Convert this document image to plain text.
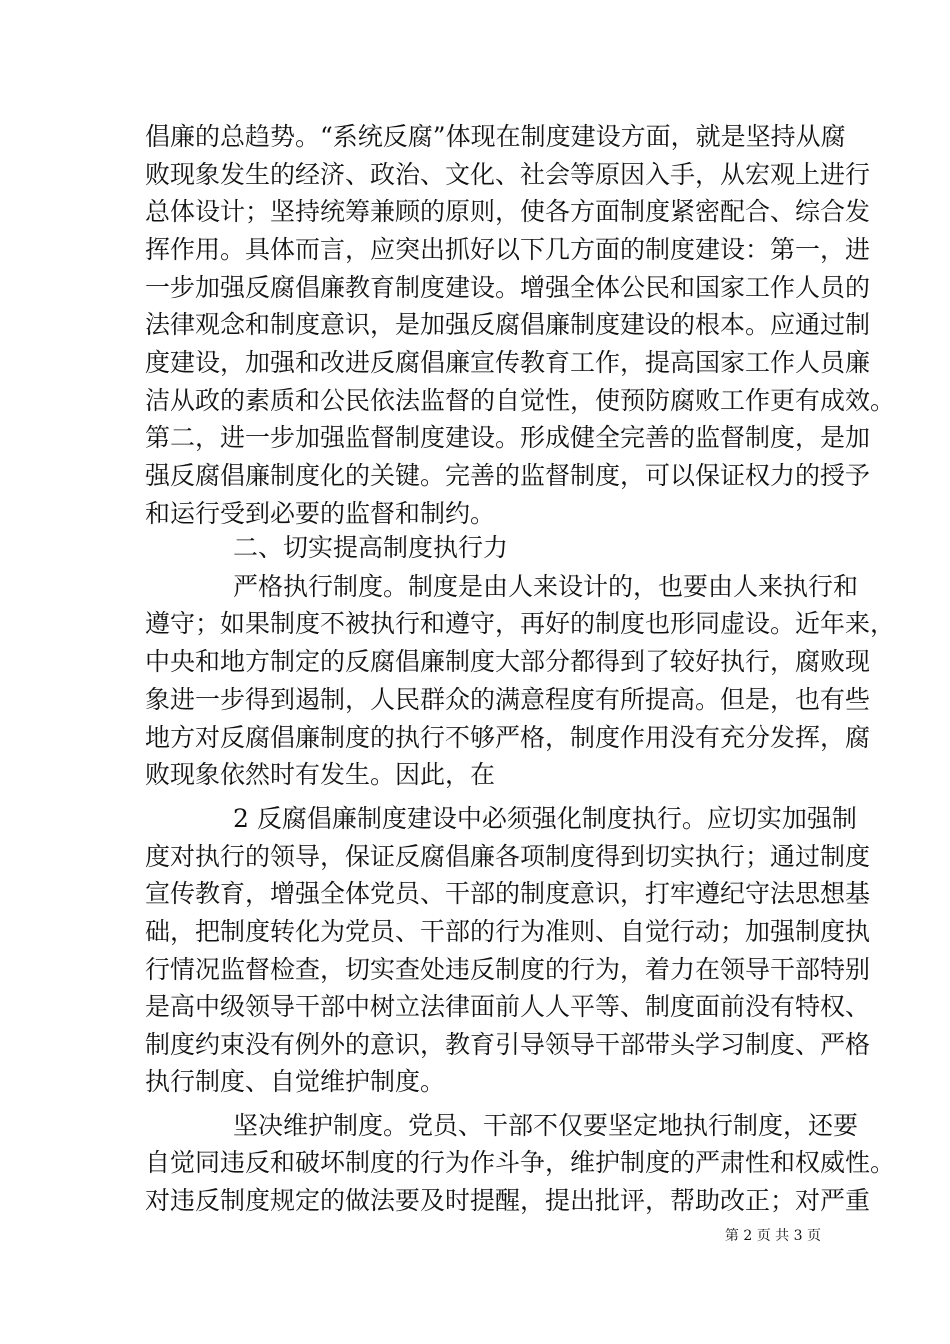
倡廉的总趋势。“系统反腐”体现在制度建设方面，就是坚持从腐
败现象发生的经济、政治、文化、社会等原因入手，从宏观上进行
总体设计；坚持统筹兼顾的原则，使各方面制度紧密配合、综合发
挥作用。具体而言，应突出抓好以下几方面的制度建设：第一，进
一步加强反腐倡廉教育制度建设。增强全体公民和国家工作人员的
法律观念和制度意识，是加强反腐倡廉制度建设的根本。应通过制
度建设，加强和改进反腐倡廉宣传教育工作，提高国家工作人员廉
洁从政的素质和公民依法监督的自觉性，使预防腐败工作更有成效。
第二，进一步加强监督制度建设。形成健全完善的监督制度，是加
强反腐倡廉制度化的关键。完善的监督制度，可以保证权力的授予
和运行受到必要的监督和制约。
二、切实提高制度执行力
严格执行制度。制度是由人来设计的，也要由人来执行和
遵守；如果制度不被执行和遵守，再好的制度也形同虚设。近年来，
中央和地方制定的反腐倡廉制度大部分都得到了较好执行，腐败现
象进一步得到遏制，人民群众的满意程度有所提高。但是，也有些
地方对反腐倡廉制度的执行不够严格，制度作用没有充分发挥，腐
败现象依然时有发生。因此，在
2 反腐倡廉制度建设中必须强化制度执行。应切实加强制
度对执行的领导，保证反腐倡廉各项制度得到切实执行；通过制度
宣传教育，增强全体党员、干部的制度意识，打牢遵纪守法思想基
础，把制度转化为党员、干部的行为准则、自觉行动；加强制度执
行情况监督检查，切实查处违反制度的行为，着力在领导干部特别
是高中级领导干部中树立法律面前人人平等、制度面前没有特权、
制度约束没有例外的意识，教育引导领导干部带头学习制度、严格
执行制度、自觉维护制度。
坚决维护制度。党员、干部不仅要坚定地执行制度，还要
自觉同违反和破坏制度的行为作斗争，维护制度的严肃性和权威性。
对违反制度规定的做法要及时提醒，提出批评，帮助改正；对严重
第 2 页 共 3 页
